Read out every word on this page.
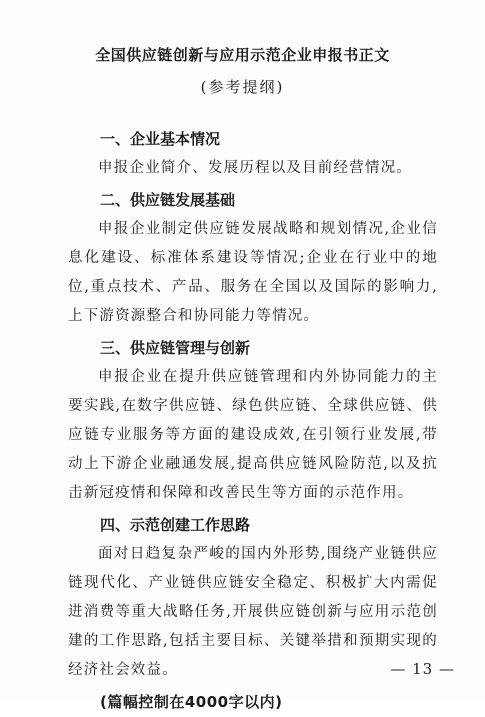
全国供应链创新与应用示范企业申报书正文
(参考提纲)
一、企业基本情况

申报企业简介、发展历程以及目前经营情况。

二、供应链发展基础

申报企业制定供应链发展战略和规划情况,企业信息化建设、标准体系建设等情况;企业在行业中的地位,重点技术、产品、服务在全国以及国际的影响力,上下游资源整合和协同能力等情况。

三、供应链管理与创新

申报企业在提升供应链管理和内外协同能力的主要实践,在数字供应链、绿色供应链、全球供应链、供应链专业服务等方面的建设成效,在引领行业发展,带动上下游企业融通发展,提高供应链风险防范,以及抗击新冠疫情和保障和改善民生等方面的示范作用。

四、示范创建工作思路

面对日趋复杂严峻的国内外形势,围绕产业链供应链现代化、产业链供应链安全稳定、积极扩大内需促进消费等重大战略任务,开展供应链创新与应用示范创建的工作思路,包括主要目标、关键举措和预期实现的经济社会效益。

(篇幅控制在4000字以内)
— 13 —
